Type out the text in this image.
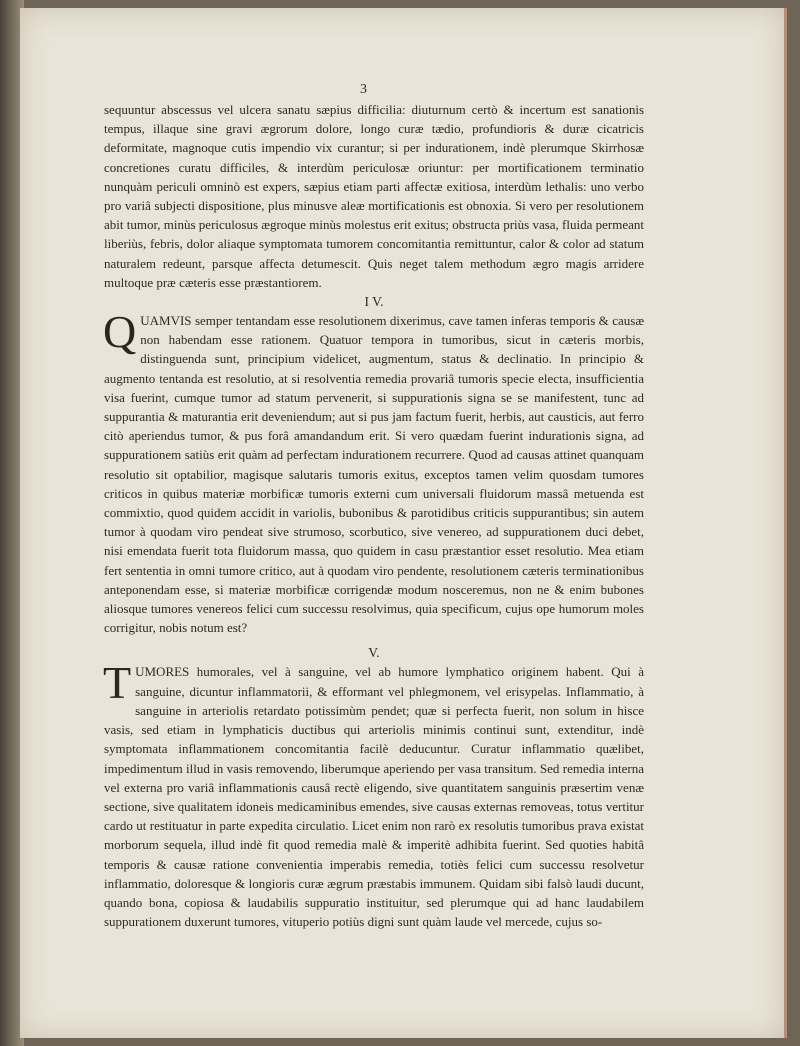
3

sequuntur abscessus vel ulcera sanatu sæpius difficilia: diuturnum certò & incertum est sanationis tempus, illaque sine gravi ægrorum dolore, longo curæ tædio, profundioris & duræ cicatricis deformitate, magnoque cutis impendio vix curantur; si per indurationem, indè plerumque Skirrhosæ concretiones curatu difficiles, & interdùm periculosæ oriuntur: per mortificationem terminatio nunquàm periculi omninò est expers, sæpius etiam parti affectæ exitiosa, interdùm lethalis: uno verbo pro variâ subjecti dispositione, plus minusve aleæ mortificationis est obnoxia. Si vero per resolutionem abit tumor, minùs periculosus ægroque minùs molestus erit exitus; obstructa priùs vasa, fluida permeant liberiùs, febris, dolor aliaque symptomata tumorem concomitantia remittuntur, calor & color ad statum naturalem redeunt, parsque affecta detumescit. Quis neget talem methodum ægro magis arridere multoque præ cæteris esse præstantiorem.

I V.

QUAMVIS semper tentandam esse resolutionem dixerimus, cave tamen inferas temporis & causæ non habendam esse rationem. Quatuor tempora in tumoribus, sicut in cæteris morbis, distinguenda sunt, principium videlicet, augmentum, status & declinatio. In principio & augmento tentanda est resolutio, at si resolventia remedia provariâ tumoris specie electa, insufficientia visa fuerint, cumque tumor ad statum pervenerit, si suppurationis signa se se manifestent, tunc ad suppurantia & maturantia erit deveniendum; aut si pus jam factum fuerit, herbis, aut causticis, aut ferro citò aperiendus tumor, & pus forâ amandandum erit. Si vero quædam fuerint indurationis signa, ad suppurationem satiùs erit quàm ad perfectam indurationem recurrere. Quod ad causas attinet quanquam resolutio sit optabilior, magisque salutaris tumoris exitus, exceptos tamen velim quosdam tumores criticos in quibus materiæ morbificæ tumoris externi cum universali fluidorum massâ metuenda est commixtio, quod quidem accidit in variolis, bubonibus & parotidibus criticis suppurantibus; sin autem tumor à quodam viro pendeat sive strumoso, scorbutico, sive venereo, ad suppurationem duci debet, nisi emendata fuerit tota fluidorum massa, quo quidem in casu præstantior esset resolutio. Mea etiam fert sententia in omni tumore critico, aut à quodam viro pendente, resolutionem cæteris terminationibus anteponendam esse, si materiæ morbificæ corrigendæ modum nosceremus, non ne & enim bubones aliosque tumores venereos felici cum successu resolvimus, quia specificum, cujus ope humorum moles corrigitur, nobis notum est?

V.

TUMORES humorales, vel à sanguine, vel ab humore lymphatico originem habent. Qui à sanguine, dicuntur inflammatorii, & efformant vel phlegmonem, vel erisypelas. Inflammatio, à sanguine in arteriolis retardato potissimùm pendet; quæ si perfecta fuerit, non solum in hisce vasis, sed etiam in lymphaticis ductibus qui arteriolis minimis continui sunt, extenditur, indè symptomata inflammationem concomitantia facilè deducuntur. Curatur inflammatio quælibet, impedimentum illud in vasis removendo, liberumque aperiendo per vasa transitum. Sed remedia interna vel externa pro variâ inflammationis causâ rectè eligendo, sive quantitatem sanguinis præsertim venæ sectione, sive qualitatem idoneis medicaminibus emendes, sive causas externas removeas, totus vertitur cardo ut restituatur in parte expedita circulatio. Licet enim non rarò ex resolutis tumoribus prava existat morborum sequela, illud indè fit quod remedia malè & imperitè adhibita fuerint. Sed quoties habitâ temporis & causæ ratione convenientia imperabis remedia, totiès felici cum successu resolvetur inflammatio, doloresque & longioris curæ ægrum præstabis immunem. Quidam sibi falsò laudi ducunt, quando bona, copiosa & laudabilis suppuratio instituitur, sed plerumque qui ad hanc laudabilem suppurationem duxerunt tumores, vituperio potiùs digni sunt quàm laude vel mercede, cujus so-
